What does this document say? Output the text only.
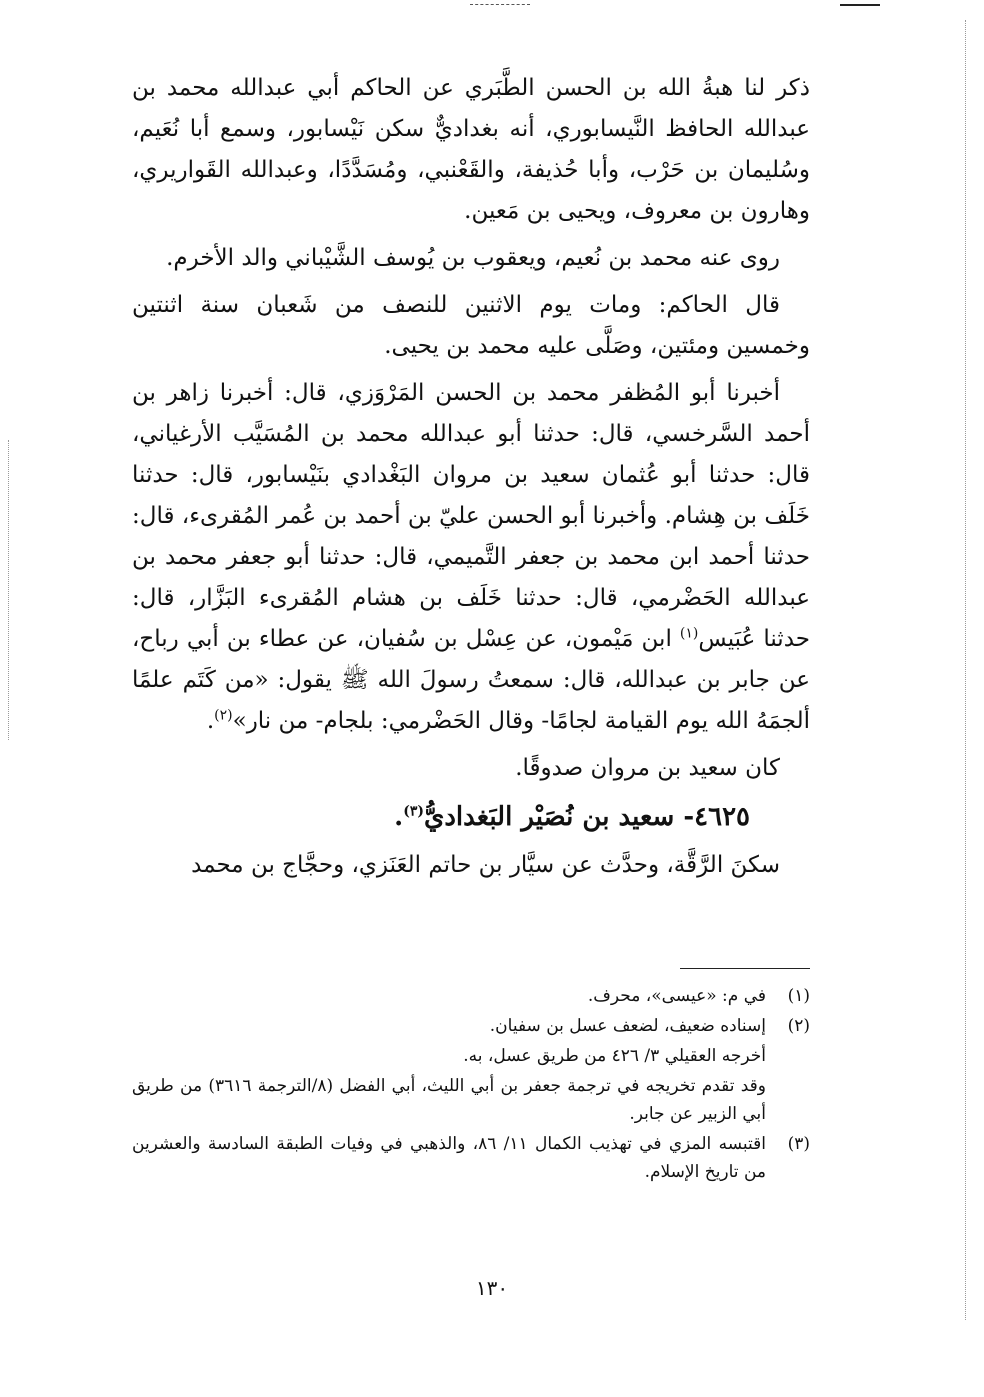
ذكر لنا هبةُ الله بن الحسن الطَّبَري عن الحاكم أبي عبدالله محمد بن عبدالله الحافظ النَّيسابوري، أنه بغداديٌّ سكن نَيْسابور، وسمع أبا نُعَيم، وسُليمان بن حَرْب، وأبا حُذيفة، والقَعْنبي، ومُسَدَّدًا، وعبدالله القَواريري، وهارون بن معروف، ويحيى بن مَعين.

روى عنه محمد بن نُعيم، ويعقوب بن يُوسف الشَّيْباني والد الأخرم.

قال الحاكم: ومات يوم الاثنين للنصف من شَعبان سنة اثنتين وخمسين ومئتين، وصَلَّى عليه محمد بن يحيى.

أخبرنا أبو المُظفر محمد بن الحسن المَرْوَزي، قال: أخبرنا زاهر بن أحمد السَّرخسي، قال: حدثنا أبو عبدالله محمد بن المُسَيَّب الأرغياني، قال: حدثنا أبو عُثمان سعيد بن مروان البَغْدادي بنَيْسابور، قال: حدثنا خَلَف بن هِشام. وأخبرنا أبو الحسن عليّ بن أحمد بن عُمر المُقرىء، قال: حدثنا أحمد ابن محمد بن جعفر التَّميمي، قال: حدثنا أبو جعفر محمد بن عبدالله الحَضْرمي، قال: حدثنا خَلَف بن هشام المُقرىء البَزَّار، قال: حدثنا عُبَيس$^{(١)}$ ابن مَيْمون، عن عِسْل بن سُفيان، عن عطاء بن أبي رباح، عن جابر بن عبدالله، قال: سمعتُ رسولَ الله ﷺ يقول: «من كَتَم علمًا ألجمَهُ الله يوم القيامة لجامًا- وقال الحَضْرمي: بلجام- من نار»$^{(٢)}$.

كان سعيد بن مروان صدوقًا.

٤٦٢٥- سعيد بن نُصَيْر البَغداديُّ$^{(٣)}$.

سكنَ الرَّقَّة، وحدَّث عن سيَّار بن حاتم العَنَزي، وحجَّاج بن محمد

(١)
في م: «عيسى»، محرف.
(٢)
إسناده ضعيف، لضعف عسل بن سفيان.
أخرجه العقيلي ٣/ ٤٢٦ من طريق عسل، به.
وقد تقدم تخريجه في ترجمة جعفر بن أبي الليث، أبي الفضل (٨/الترجمة ٣٦١٦) من طريق أبي الزبير عن جابر.
(٣)
اقتبسه المزي في تهذيب الكمال ١١/ ٨٦، والذهبي في وفيات الطبقة السادسة والعشرين من تاريخ الإسلام.
١٣٠
